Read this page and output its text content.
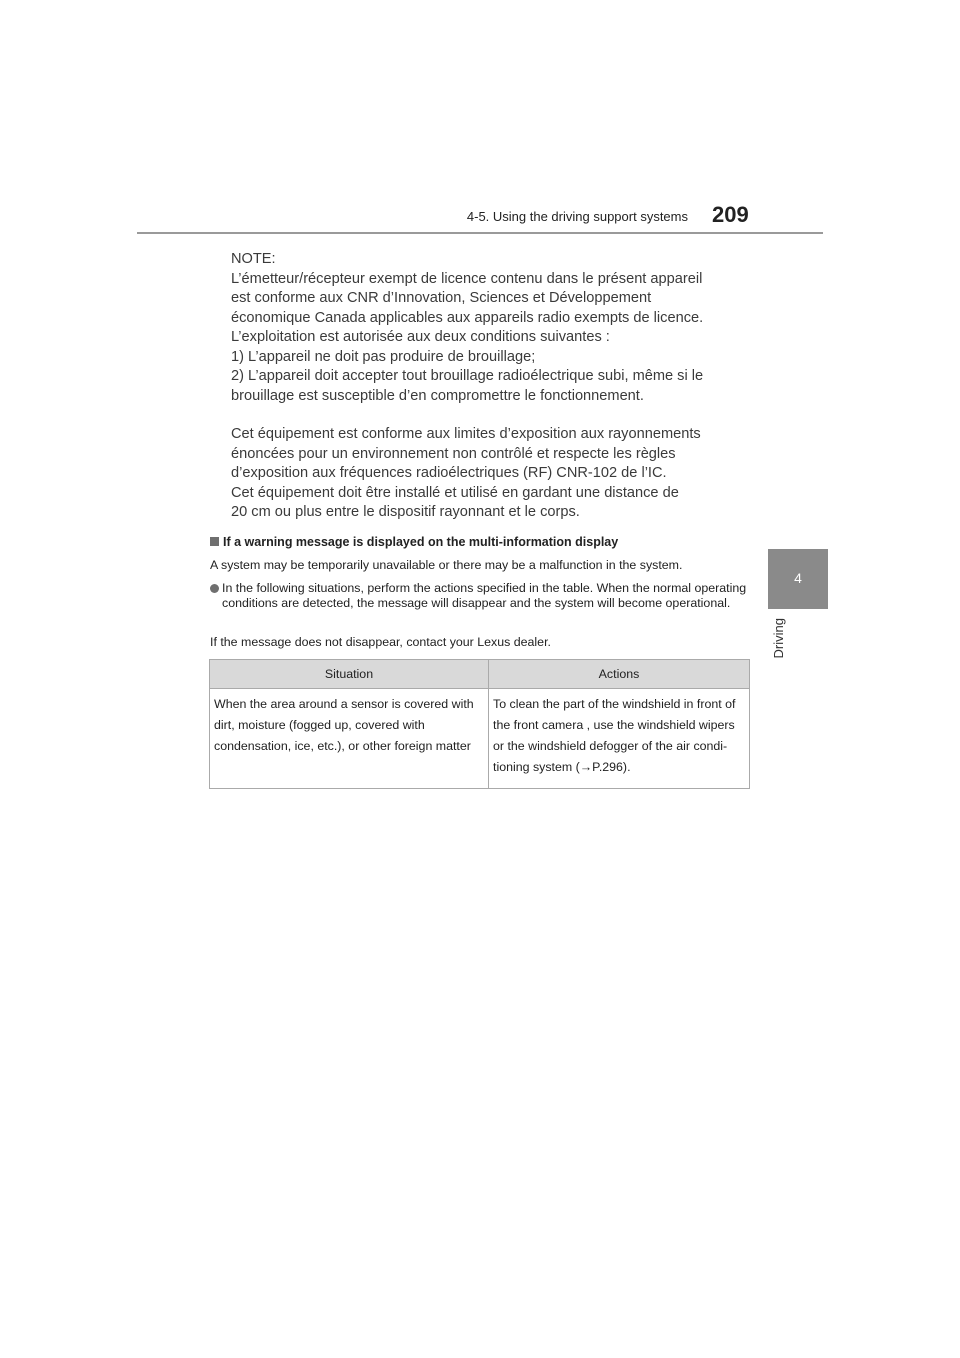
4-5. Using the driving support systems 209
4
Driving

NOTE:

L’émetteur/récepteur exempt de licence contenu dans le présent appareil

est conforme aux CNR d’Innovation, Sciences et Développement

économique Canada applicables aux appareils radio exempts de licence.

L’exploitation est autorisée aux deux conditions suivantes :

1) L’appareil ne doit pas produire de brouillage;

2) L’appareil doit accepter tout brouillage radioélectrique subi, même si le

brouillage est susceptible d’en compromettre le fonctionnement.

Cet équipement est conforme aux limites d’exposition aux rayonnements

énoncées pour un environnement non contrôlé et respecte les règles

d’exposition aux fréquences radioélectriques (RF) CNR-102 de l’IC.

Cet équipement doit être installé et utilisé en gardant une distance de

20 cm ou plus entre le dispositif rayonnant et le corps.

If a warning message is displayed on the multi-information display
A system may be temporarily unavailable or there may be a malfunction in the system.
In the following situations, perform the actions specified in the table. When the normal operating conditions are detected, the message will disappear and the system will become operational.
If the message does not disappear, contact your Lexus dealer.
Situation	Actions
When the area around a sensor is covered with dirt, moisture (fogged up, covered with condensation, ice, etc.), or other foreign matter	To clean the part of the windshield in front of the front camera , use the windshield wipers or the windshield defogger of the air condi-tioning system (→P.296).
